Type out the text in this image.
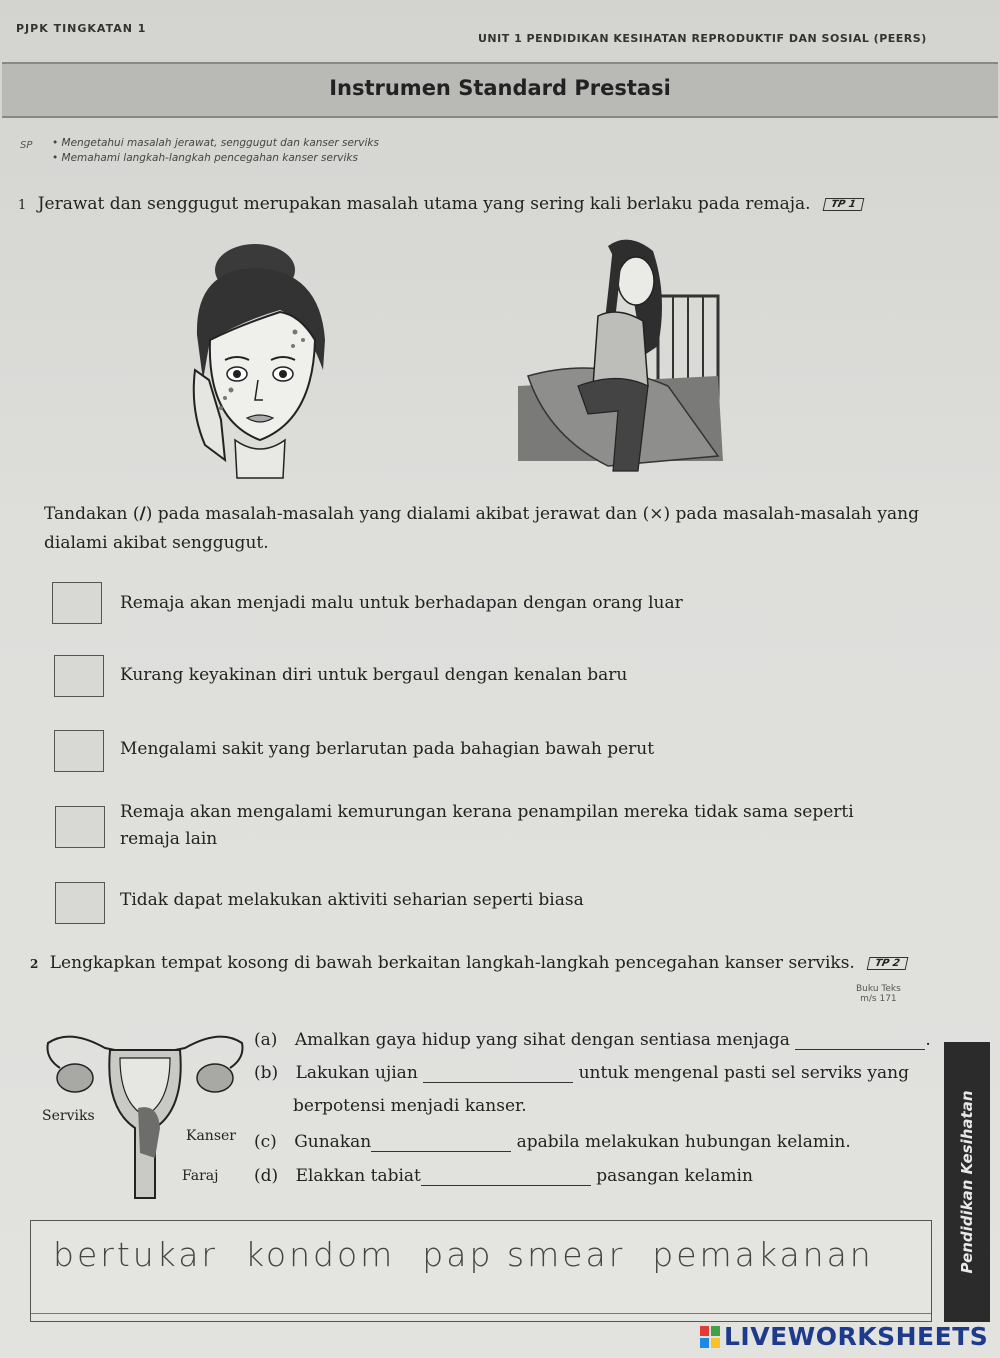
PJPK TINGKATAN 1
UNIT 1 PENDIDIKAN KESIHATAN REPRODUKTIF DAN SOSIAL (PEERS)
Instrumen Standard Prestasi
SP • Mengetahui masalah jerawat, senggugut dan kanser serviks
• Memahami langkah-langkah pencegahan kanser serviks
1 Jerawat dan senggugut merupakan masalah utama yang sering kali berlaku pada remaja. TP 1
Tandakan (/) pada masalah-masalah yang dialami akibat jerawat dan (×) pada masalah-masalah yang dialami akibat senggugut.
Remaja akan menjadi malu untuk berhadapan dengan orang luar
Kurang keyakinan diri untuk bergaul dengan kenalan baru
Mengalami sakit yang berlarutan pada bahagian bawah perut
Remaja akan mengalami kemurungan kerana penampilan mereka tidak sama seperti remaja lain
Tidak dapat melakukan aktiviti seharian seperti biasa
2 Lengkapkan tempat kosong di bawah berkaitan langkah-langkah pencegahan kanser serviks. TP 2
Buku Teks
m/s 171
Serviks
Kanser
Faraj
(a) Amalkan gaya hidup yang sihat dengan sentiasa menjaga	.
(b) Lakukan ujian	untuk mengenal pasti sel serviks yang
berpotensi menjadi kanser.
(c) Gunakan	apabila melakukan hubungan kelamin.
(d) Elakkan tabiat	pasangan kelamin
bertukar  kondom  pap smear  pemakanan	Pendidikan Kesihatan
LIVEWORKSHEETS
